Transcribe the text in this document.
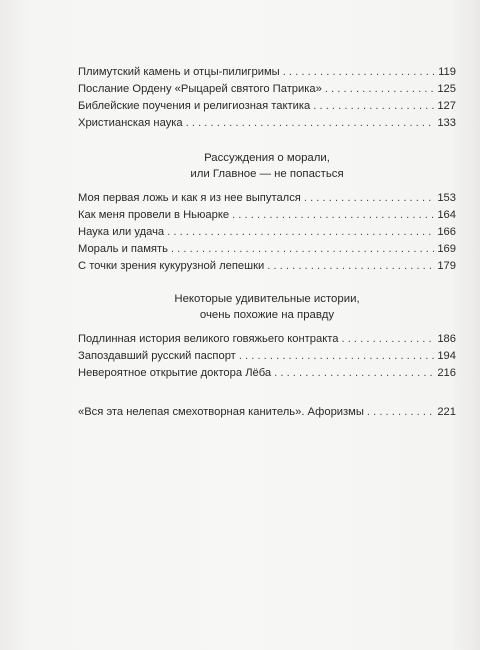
Плимутский камень и отцы-пилигримы . . .	119
Послание Ордену «Рыцарей святого Патрика» . . .	125
Библейские поучения и религиозная тактика . . .	127
Христианская наука . . .	133

Рассуждения о морали,

или Главное — не попасться

Моя первая ложь и как я из нее выпутался . . .	153
Как меня провели в Ньюарке . . .	164
Наука или удача . . .	166
Мораль и память . . .	169
С точки зрения кукурузной лепешки . . .	179

Некоторые удивительные истории,

очень похожие на правду

Подлинная история великого говяжьего контракта . . .	186
Запоздавший русский паспорт . . .	194
Невероятное открытие доктора Лёба . . .	216
«Вся эта нелепая смехотворная канитель». Афоризмы . . .	221
